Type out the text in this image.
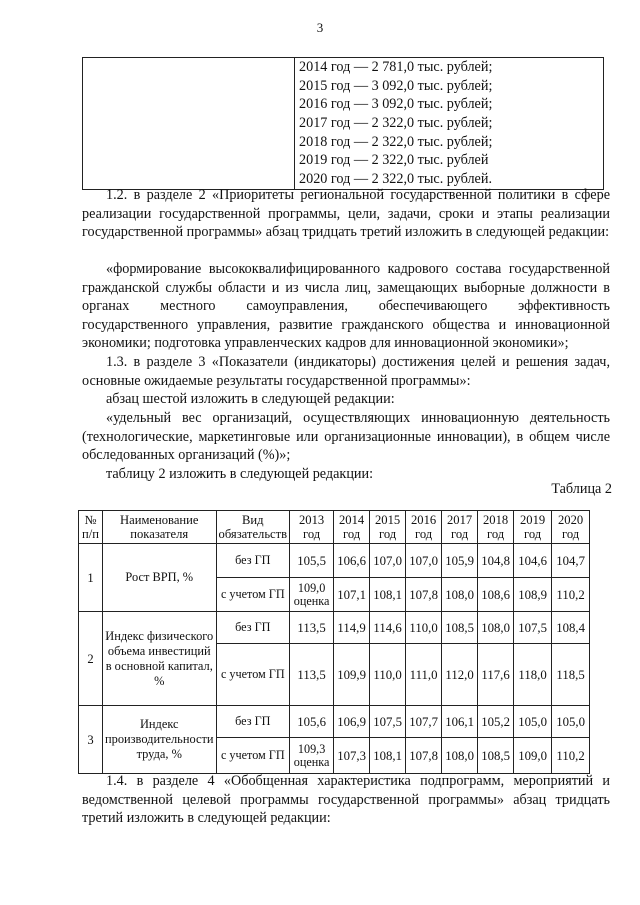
3

2014 год — 2 781,0 тыс. рублей;
2015 год — 3 092,0 тыс. рублей;
2016 год — 3 092,0 тыс. рублей;
2017 год — 2 322,0 тыс. рублей;
2018 год — 2 322,0 тыс. рублей;
2019 год — 2 322,0 тыс. рублей
2020 год — 2 322,0 тыс. рублей.

1.2. в разделе 2 «Приоритеты региональной государственной политики в сфере реализации государственной программы, цели, задачи, сроки и этапы реализации государственной программы» абзац тридцать третий изложить в следующей редакции:

«формирование высококвалифицированного кадрового состава государственной гражданской службы области и из числа лиц, замещающих выборные должности в органах местного самоуправления, обеспечивающего эффективность государственного управления, развитие гражданского общества и инновационной экономики; подготовка управленческих кадров для инновационной экономики»;

1.3. в разделе 3 «Показатели (индикаторы) достижения целей и решения задач, основные ожидаемые результаты государственной программы»:

абзац шестой изложить в следующей редакции:

«удельный вес организаций, осуществляющих инновационную деятельность (технологические, маркетинговые или организационные инновации), в общем числе обследованных организаций (%)»;

таблицу 2 изложить в следующей редакции:

Таблица 2
№ п/п	Наименование показателя	Вид обязательств	2013 год	2014 год	2015 год	2016 год	2017 год	2018 год	2019 год	2020 год
1	Рост ВРП, %	без ГП	105,5	106,6	107,0	107,0	105,9	104,8	104,6	104,7
		с учетом ГП	109,0 оценка	107,1	108,1	107,8	108,0	108,6	108,9	110,2
2	Индекс физического объема инвестиций в основной капитал, %	без ГП	113,5	114,9	114,6	110,0	108,5	108,0	107,5	108,4
		с учетом ГП	113,5	109,9	110,0	111,0	112,0	117,6	118,0	118,5
3	Индекс производительности труда, %	без ГП	105,6	106,9	107,5	107,7	106,1	105,2	105,0	105,0
		с учетом ГП	109,3 оценка	107,3	108,1	107,8	108,0	108,5	109,0	110,2

1.4. в разделе 4 «Обобщенная характеристика подпрограмм, мероприятий и ведомственной целевой программы государственной программы» абзац тридцать третий изложить в следующей редакции:
